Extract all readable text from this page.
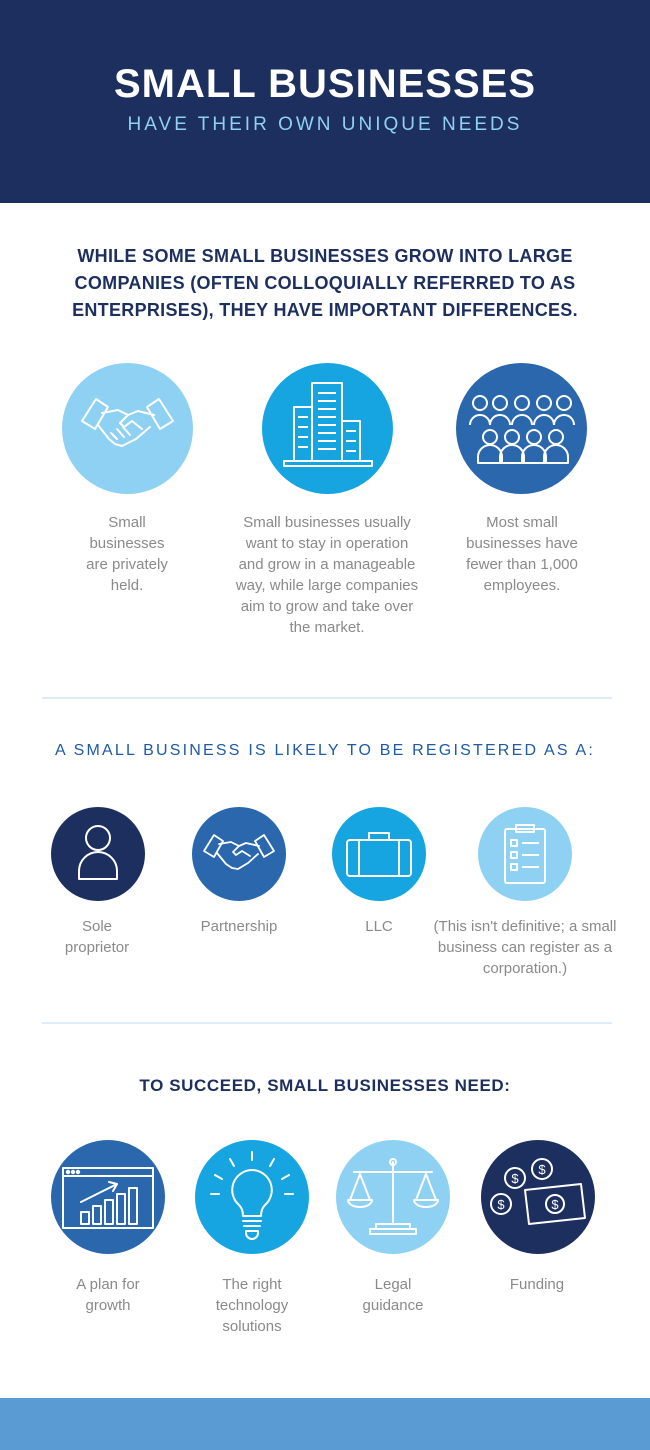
SMALL BUSINESSES
HAVE THEIR OWN UNIQUE NEEDS
WHILE SOME SMALL BUSINESSES GROW INTO LARGE COMPANIES (OFTEN COLLOQUIALLY REFERRED TO AS ENTERPRISES), THEY HAVE IMPORTANT DIFFERENCES.
Small businesses are privately held.
Small businesses usually want to stay in operation and grow in a manageable way, while large companies aim to grow and take over the market.
Most small businesses have fewer than 1,000 employees.
A SMALL BUSINESS IS LIKELY TO BE REGISTERED AS A:
Sole proprietor
Partnership	LLC	(This isn't definitive; a small business can register as a corporation.)
TO SUCCEED, SMALL BUSINESSES NEED:
$
$
$	$
A plan for growth
The right technology solutions
Legal guidance
Funding
